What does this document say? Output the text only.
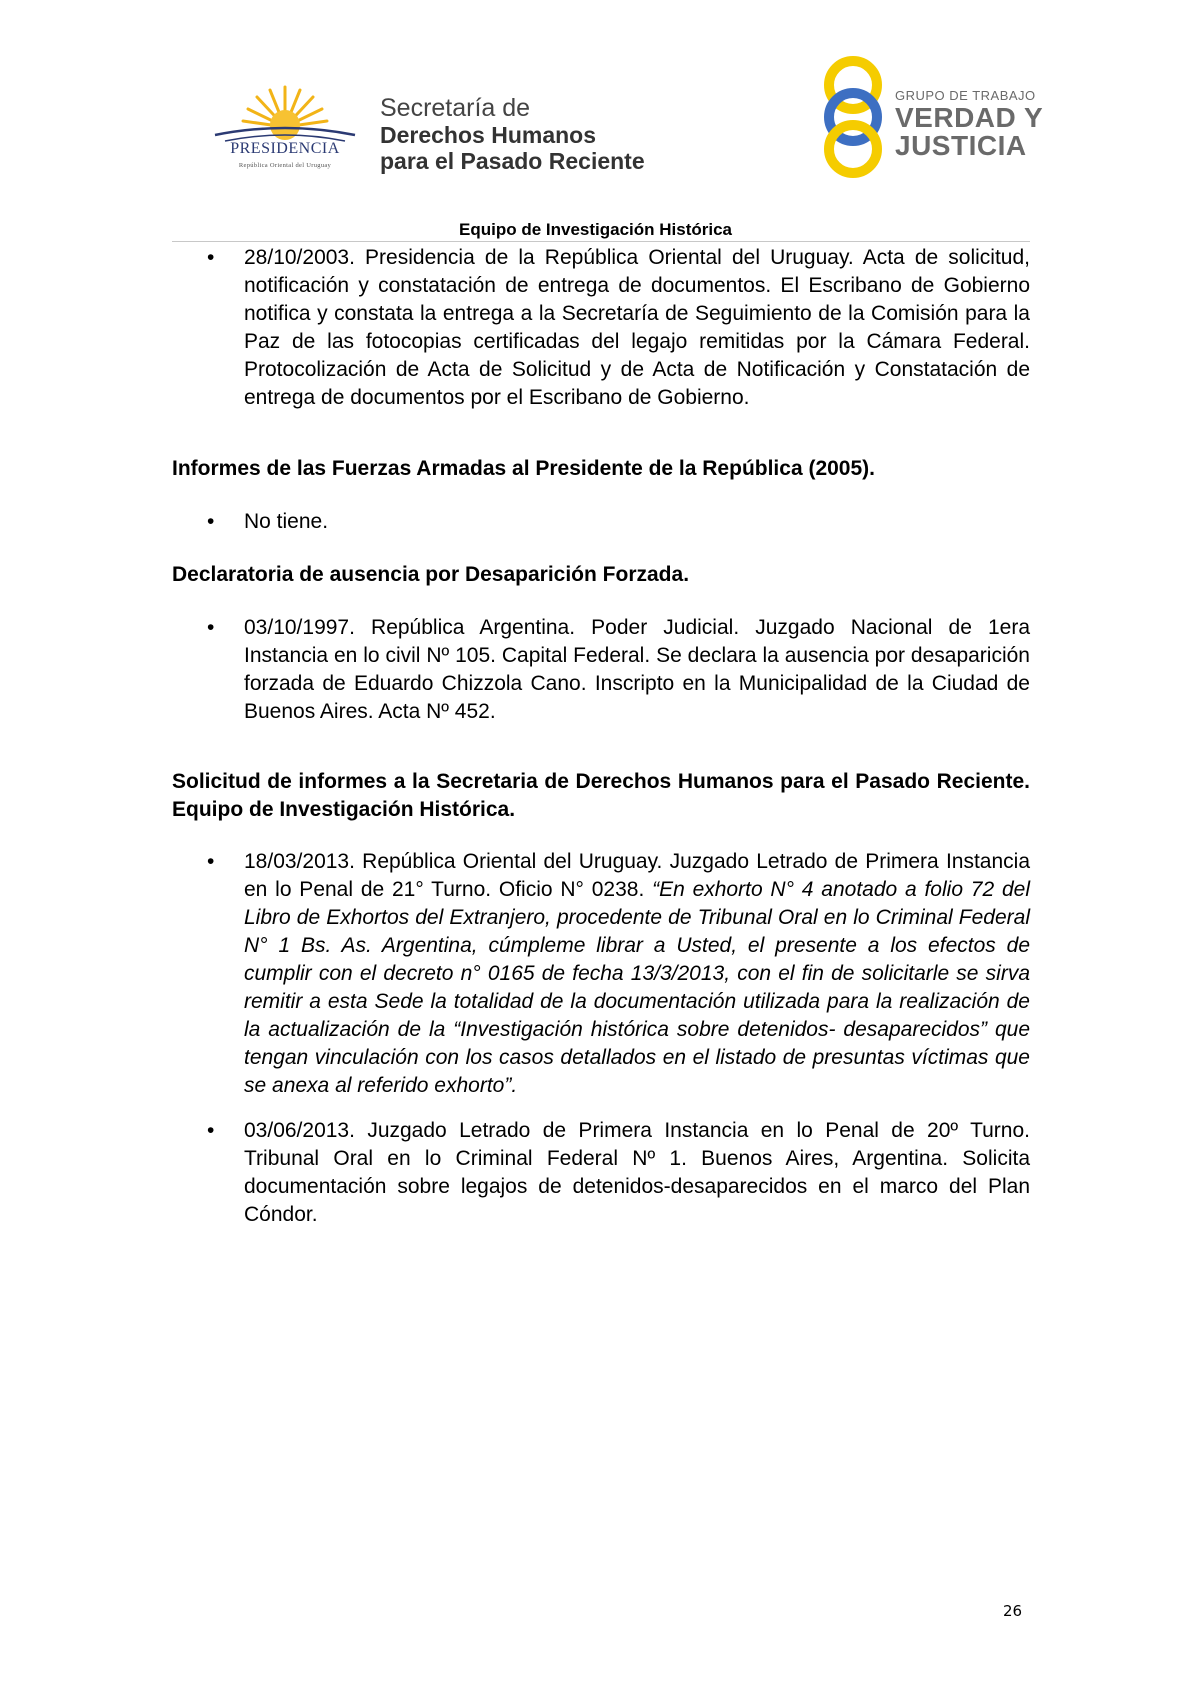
PRESIDENCIA
República Oriental del Uruguay
Secretaría de
Derechos Humanos
para el Pasado Reciente
GRUPO DE TRABAJO
VERDAD Y
JUSTICIA
Equipo de Investigación Histórica
• 28/10/2003. Presidencia de la República Oriental del Uruguay. Acta de solicitud, notificación y constatación de entrega de documentos. El Escribano de Gobierno notifica y constata la entrega a la Secretaría de Seguimiento de la Comisión para la Paz de las fotocopias certificadas del legajo remitidas por la Cámara Federal. Protocolización de Acta de Solicitud y de Acta de Notificación y Constatación de entrega de documentos por el Escribano de Gobierno.
Informes de las Fuerzas Armadas al Presidente de la República (2005).
• No tiene.
Declaratoria de ausencia por Desaparición Forzada.
• 03/10/1997. República Argentina. Poder Judicial. Juzgado Nacional de 1era Instancia en lo civil Nº 105. Capital Federal. Se declara la ausencia por desaparición forzada de Eduardo Chizzola Cano. Inscripto en la Municipalidad de la Ciudad de Buenos Aires. Acta Nº 452.
Solicitud de informes a la Secretaria de Derechos Humanos para el Pasado Reciente. Equipo de Investigación Histórica.
• 18/03/2013. República Oriental del Uruguay. Juzgado Letrado de Primera Instancia en lo Penal de 21° Turno. Oficio N° 0238. “En exhorto N° 4 anotado a folio 72 del Libro de Exhortos del Extranjero, procedente de Tribunal Oral en lo Criminal Federal N° 1 Bs. As. Argentina, cúmpleme librar a Usted, el presente a los efectos de cumplir con el decreto n° 0165 de fecha 13/3/2013, con el fin de solicitarle se sirva remitir a esta Sede la totalidad de la documentación utilizada para la realización de la actualización de la “Investigación histórica sobre detenidos- desaparecidos” que tengan vinculación con los casos detallados en el listado de presuntas víctimas que se anexa al referido exhorto”.
• 03/06/2013. Juzgado Letrado de Primera Instancia en lo Penal de 20º Turno. Tribunal Oral en lo Criminal Federal Nº 1. Buenos Aires, Argentina. Solicita documentación sobre legajos de detenidos-desaparecidos en el marco del Plan Cóndor.
26
